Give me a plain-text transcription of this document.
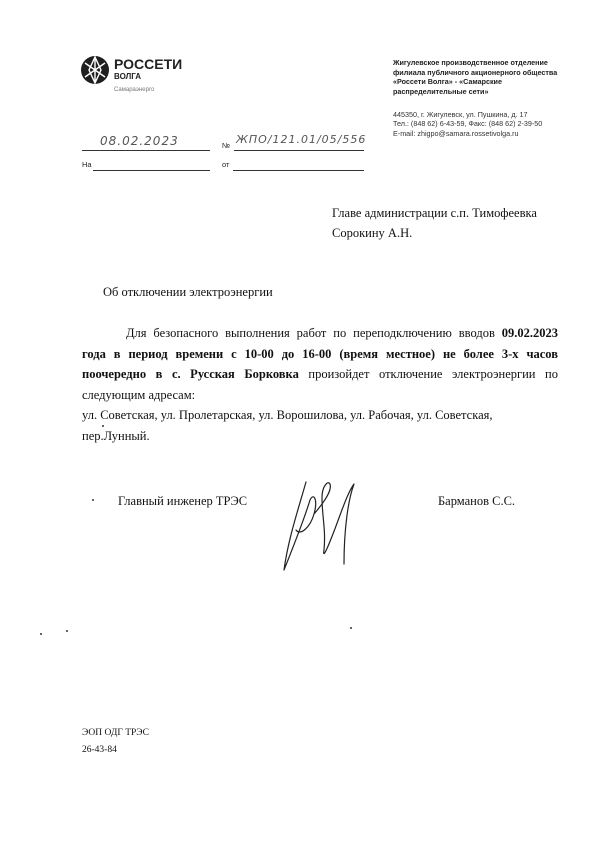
РОССЕТИ
ВОЛГА
Самараэнерго
Жигулевское производственное отделение
филиала публичного акционерного общества
«Россети Волга» - «Самарские
распределительные сети»
445350, г. Жигулевск, ул. Пушкина, д. 17
Тел.: (848 62) 6-43-59, Факс: (848 62) 2-39-50
E-mail: zhigpo@samara.rossetivolga.ru
08.02.2023	№ ЖПО/121.01/05/556
На	от
Главе администрации с.п. Тимофеевка
Сорокину А.Н.
Об отключении электроэнергии
Для безопасного выполнения работ по переподключению вводов 09.02.2023 года в период времени с 10-00 до 16-00 (время местное) не более 3-х часов поочередно в с. Русская Борковка произойдет отключение электроэнергии по следующим адресам:
ул. Советская, ул. Пролетарская, ул. Ворошилова, ул. Рабочая, ул. Советская, пер.Лунный.
Главный инженер ТРЭС	Барманов С.С.
ЭОП ОДГ ТРЭС
26-43-84
